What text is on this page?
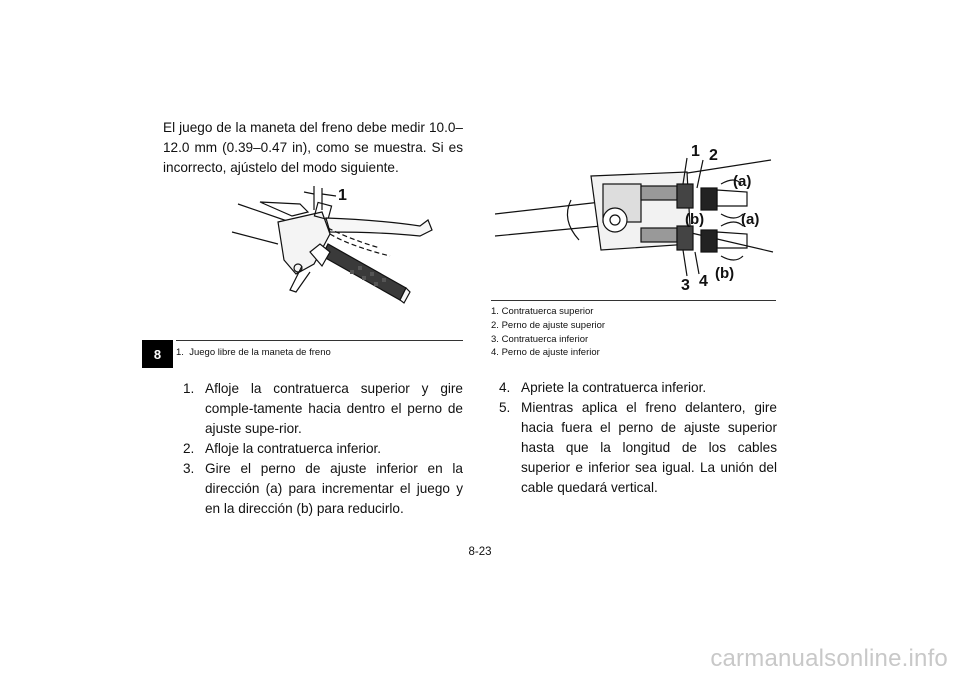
El juego de la maneta del freno debe medir 10.0–12.0 mm (0.39–0.47 in), como se muestra. Si es incorrecto, ajústelo del modo siguiente.
1
1. Juego libre de la maneta de freno
8
1. Afloje la contratuerca superior y gire comple-tamente hacia dentro el perno de ajuste supe-rior.
2. Afloje la contratuerca inferior.
3. Gire el perno de ajuste inferior en la dirección (a) para incrementar el juego y en la dirección (b) para reducirlo.
1 2
3 4
(a)
(a)
(b)
(b)
1. Contratuerca superior
2. Perno de ajuste superior
3. Contratuerca inferior
4. Perno de ajuste inferior
4. Apriete la contratuerca inferior.
5. Mientras aplica el freno delantero, gire hacia fuera el perno de ajuste superior hasta que la longitud de los cables superior e inferior sea igual. La unión del cable quedará vertical.
8-23
carmanualsonline.info
